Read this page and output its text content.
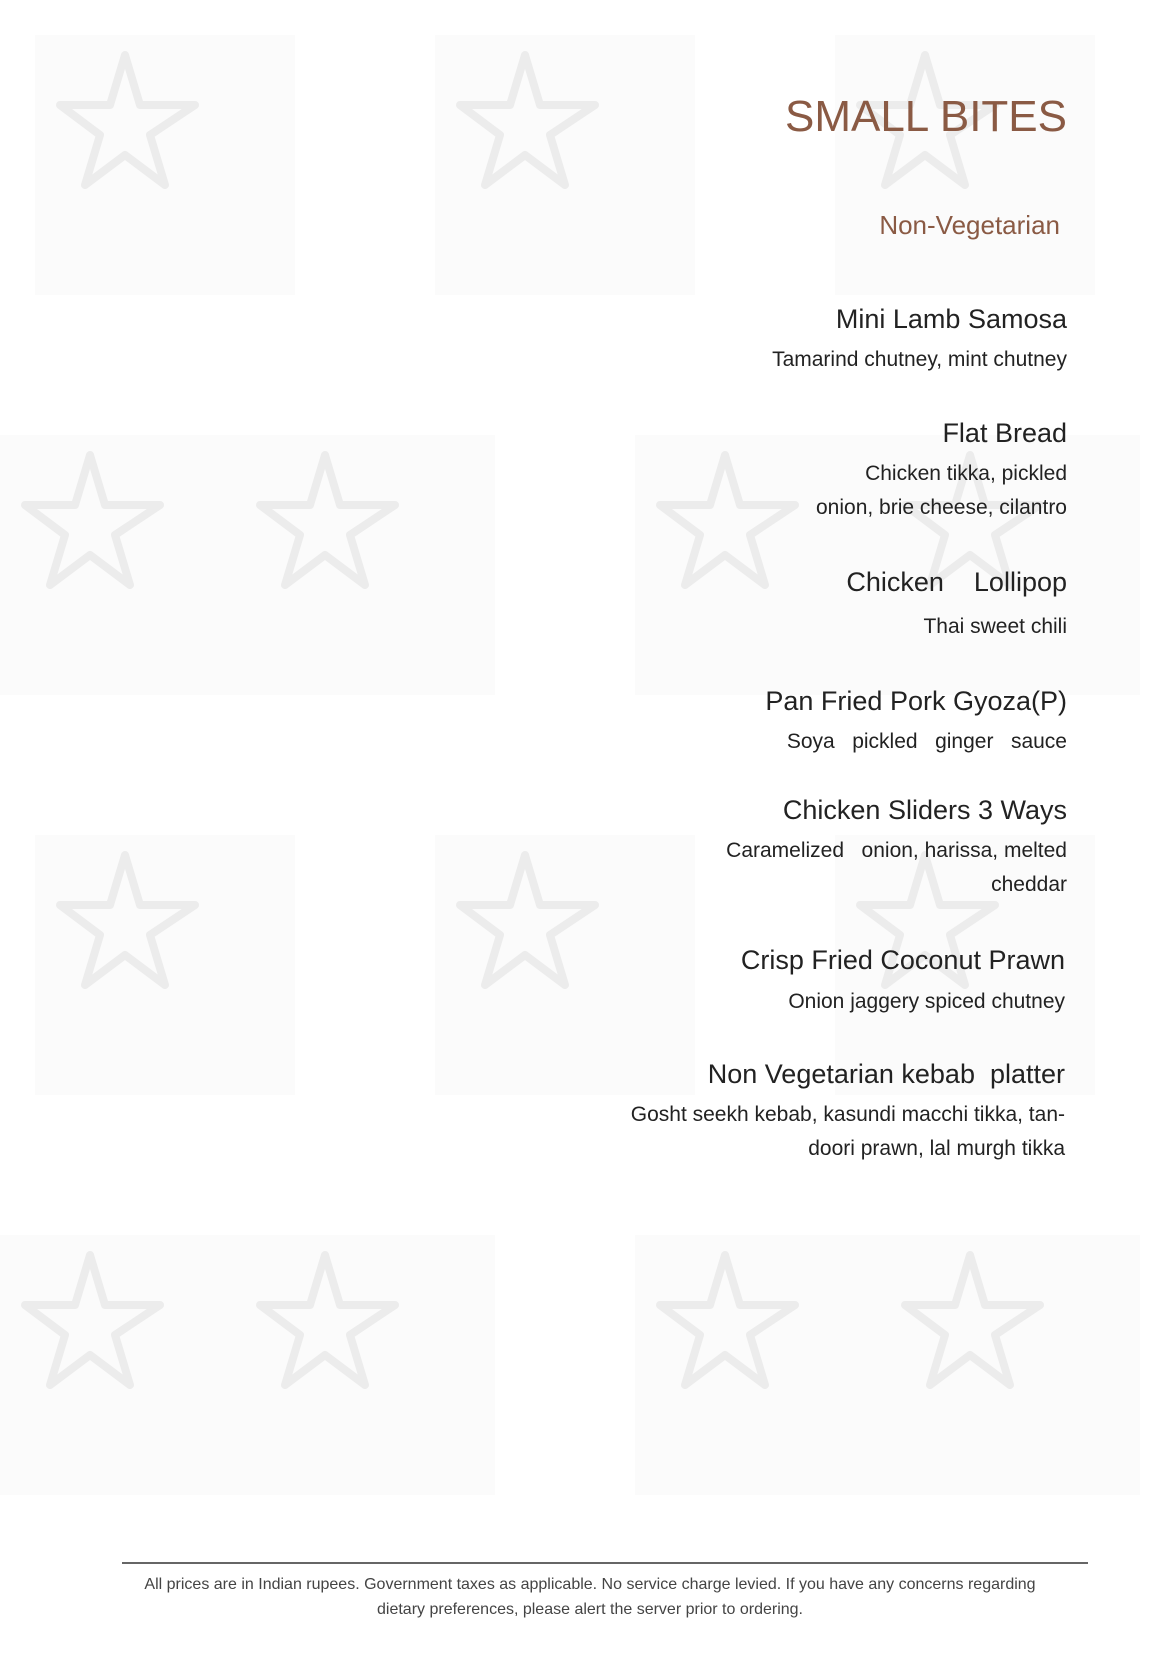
SMALL BITES
Non-Vegetarian
Mini Lamb Samosa
Tamarind chutney, mint chutney
Flat Bread
Chicken tikka, pickled
onion, brie cheese, cilantro
Chicken    Lollipop
Thai sweet chili
Pan Fried Pork Gyoza(P)
Soya   pickled   ginger   sauce
Chicken Sliders 3 Ways
Caramelized   onion, harissa, melted
cheddar
Crisp Fried Coconut Prawn
Onion jaggery spiced chutney
Non Vegetarian kebab  platter
Gosht seekh kebab, kasundi macchi tikka, tan-
doori prawn, lal murgh tikka
All prices are in Indian rupees. Government taxes as applicable. No service charge levied. If you have any concerns regarding
dietary preferences, please alert the server prior to ordering.
